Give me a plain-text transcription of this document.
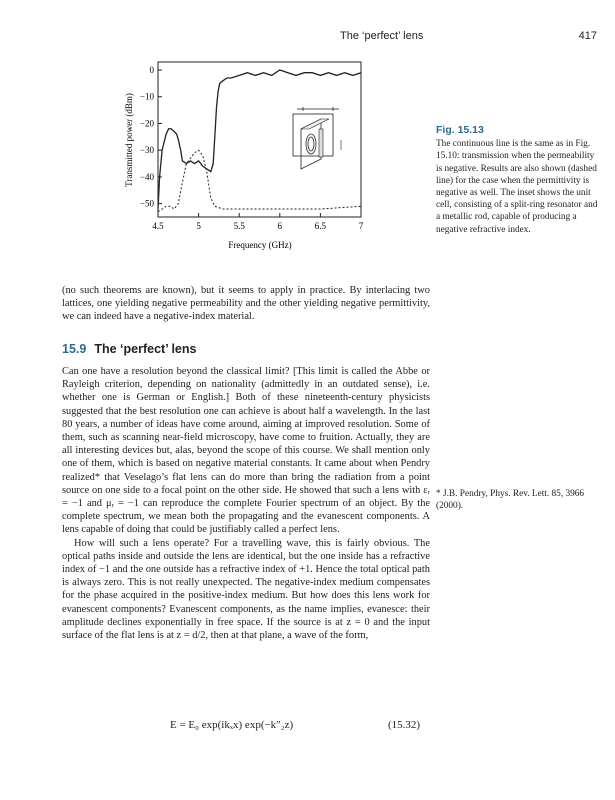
The ‘perfect’ lens	417
4.5	5	5.5	6	6.5	7
0
−10
−20
−30
−40
−50
Frequency (GHz)
Transmitted power (dBm)	Fig. 15.13
The continuous line is the same as in Fig. 15.10: transmission when the permeability is negative. Results are also shown (dashed line) for the case when the permittivity is negative as well. The inset shows the unit cell, consisting of a split-ring resonator and a metallic rod, capable of producing a negative refractive index.

(no such theorems are known), but it seems to apply in practice. By interlacing two lattices, one yielding negative permeability and the other yielding negative permittivity, we can indeed have a negative-index material.

15.9 The ‘perfect’ lens

Can one have a resolution beyond the classical limit? [This limit is called the Abbe or Rayleigh criterion, depending on nationality (admittedly in an outdated sense), i.e. whether one is German or English.] Both of these nineteenth-century physicists suggested that the best resolution one can achieve is about half a wavelength. In the last 80 years, a number of ideas have come around, aiming at improved resolution. Some of them, such as scanning near-field microscopy, have come to fruition. Actually, they are all interesting devices but, alas, beyond the scope of this course. We shall mention only one of them, which is based on negative material constants. It came about when Pendry realized* that Veselago’s flat lens can do more than bring the radiation from a point source on one side to a focal point on the other side. He showed that such a lens with εᵣ = −1 and μᵣ = −1 can reproduce the complete Fourier spectrum of an object. By the complete spectrum, we mean both the propagating and the evanescent components. A lens capable of doing that could be justifiably called a perfect lens.

How will such a lens operate? For a travelling wave, this is fairly obvious. The optical paths inside and outside the lens are identical, but the one inside has a refractive index of −1 and the one outside has a refractive index of +1. Hence the total optical path is always zero. This is not really unexpected. The negative-index medium compensates for the phase acquired in the positive-index medium. But how does this lens work for evanescent components? Evanescent components, as the name implies, evanesce: their amplitude declines exponentially in free space. If the source is at z = 0 and the input surface of the flat lens is at z = d/2, then at that plane, a wave of the form,

* J.B. Pendry, Phys. Rev. Lett. 85, 3966 (2000).
E = E₀ exp(ikₓx) exp(−k″₂z)	(15.32)
